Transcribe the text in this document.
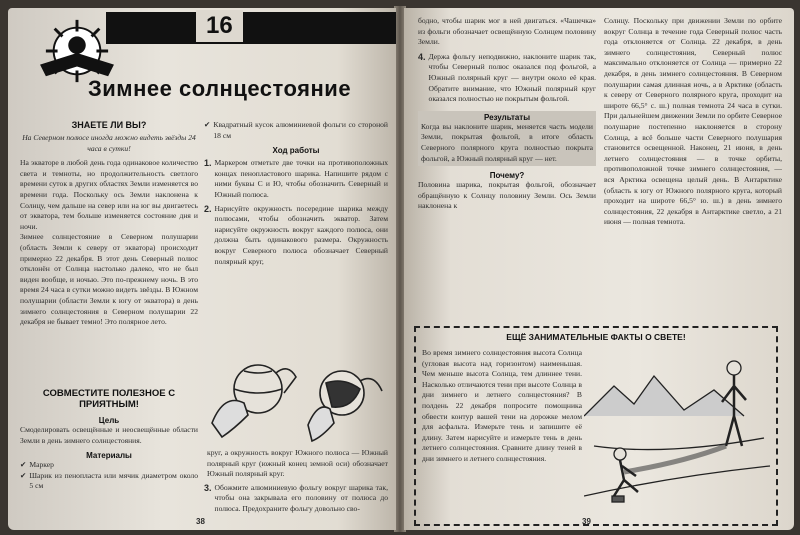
16
Зимнее солнцестояние
ЗНАЕТЕ ЛИ ВЫ?
На Северном полюсе иногда можно видеть звёзды 24 часа в сутки!
На экваторе в любой день года одинаковое количество света и темноты, но продолжительность светлого времени суток в других областях Земли изменяется во времени года. Поскольку ось Земли наклонена к Солнцу, чем дальше на север или на юг вы двигаетесь от экватора, тем больше изменяется состояние дня и ночи.
Зимнее солнцестояние в Северном полушарии (область Земли к северу от экватора) происходит примерно 22 декабря. В этот день Северный полюс отклонён от Солнца настолько далеко, что не был виден вообще, и ночью. Это по-прежнему ночь. В это время 24 часа в сутки можно видеть звёзды. В Южном полушарии (области Земли к югу от экватора) в день зимнего солнцестояния в Северном полушарии 22 декабря не бывает темно! Это полярное лето.
СОВМЕСТИТЕ ПОЛЕЗНОЕ С ПРИЯТНЫМ!
Цель
Смоделировать освещённые и неосвещённые области Земли в день зимнего солнцестояния.
Материалы
✔ Маркер
✔ Шарик из пенопласта или мячик диаметром около 5 см
✔ Квадратный кусок алюминиевой фольги со стороной 18 см
Ход работы
1. Маркером отметьте две точки на противоположных концах пенопластового шарика. Напишите рядом с ними буквы С и Ю, чтобы обозначить Северный и Южный полюса.
2. Нарисуйте окружность посередине шарика между полюсами, чтобы обозначить экватор. Затем нарисуйте окружность вокруг каждого полюса, они должна быть одинакового размера. Окружность вокруг Северного полюса обозначает Северный полярный круг,
круг, а окружность вокруг Южного полюса — Южный полярный круг (южный конец земной оси) обозначает Южный полярный круг.
3. Обожмите алюминиевую фольгу вокруг шарика так, чтобы она закрывала его половину от полюса до полюса. Предохраните фольгу довольно сво-
38
бодно, чтобы шарик мог в ней двигаться. «Чашечка» из фольги обозначает освещённую Солнцем половину Земли.
4. Держа фольгу неподвижно, наклоните шарик так, чтобы Северный полюс оказался под фольгой, а Южный полярный круг — внутри около её края. Обратите внимание, что Южный полярный круг оказался полностью не покрытым фольгой.
Результаты
Когда вы наклоните шарик, меняется часть модели Земли, покрытая фольгой, в итоге область Северного полярного круга полностью покрыта фольгой, а Южный полярный круг — нет.
Почему?
Половина шарика, покрытая фольгой, обозначает обращённую к Солнцу половину Земли. Ось Земли наклонена к
Солнцу. Поскольку при движении Земли по орбите вокруг Солнца в течение года Северный полюс часть года отклоняется от Солнца. 22 декабря, в день зимнего солнцестояния, Северный полюс максимально отклоняется от Солнца — примерно 22 декабря, в день зимнего солнцестояния. В Северном полушарии самая длинная ночь, а в Арктике (область к северу от Северного полярного круга, проходит на широте 66,5° с. ш.) полная темнота 24 часа в сутки. При дальнейшем движении Земли по орбите Северное полушарие постепенно наклоняется в сторону Солнца, а всё больше части Северного полушария становится освещенной. Наконец, 21 июня, в день летнего солнцестояния — в точке орбиты, противоположной точке зимнего солнцестояния, — вся Арктика освещена целый день. В Антарктике (область к югу от Южного полярного круга, который проходит на широте 66,5° ю. ш.) в день зимнего солнцестояния, 22 декабря в Антарктике светло, а 21 июня — полная темнота.
ЕЩЁ ЗАНИМАТЕЛЬНЫЕ ФАКТЫ О СВЕТЕ!
Во время зимнего солнцестояния высота Солнца (угловая высота над горизонтом) наименьшая. Чем меньше высота Солнца, тем длиннее тени. Насколько отличаются тени при высоте Солнца в дни зимнего и летнего солнцестояния? В полдень 22 декабря попросите помощника обвести контур вашей тени на дорожке мелом для асфальта. Измерьте тень и запишите её длину. Затем нарисуйте и измерьте тень в день летнего солнцестояния. Сравните длину теней в дни зимнего и летнего солнцестояния.
39
